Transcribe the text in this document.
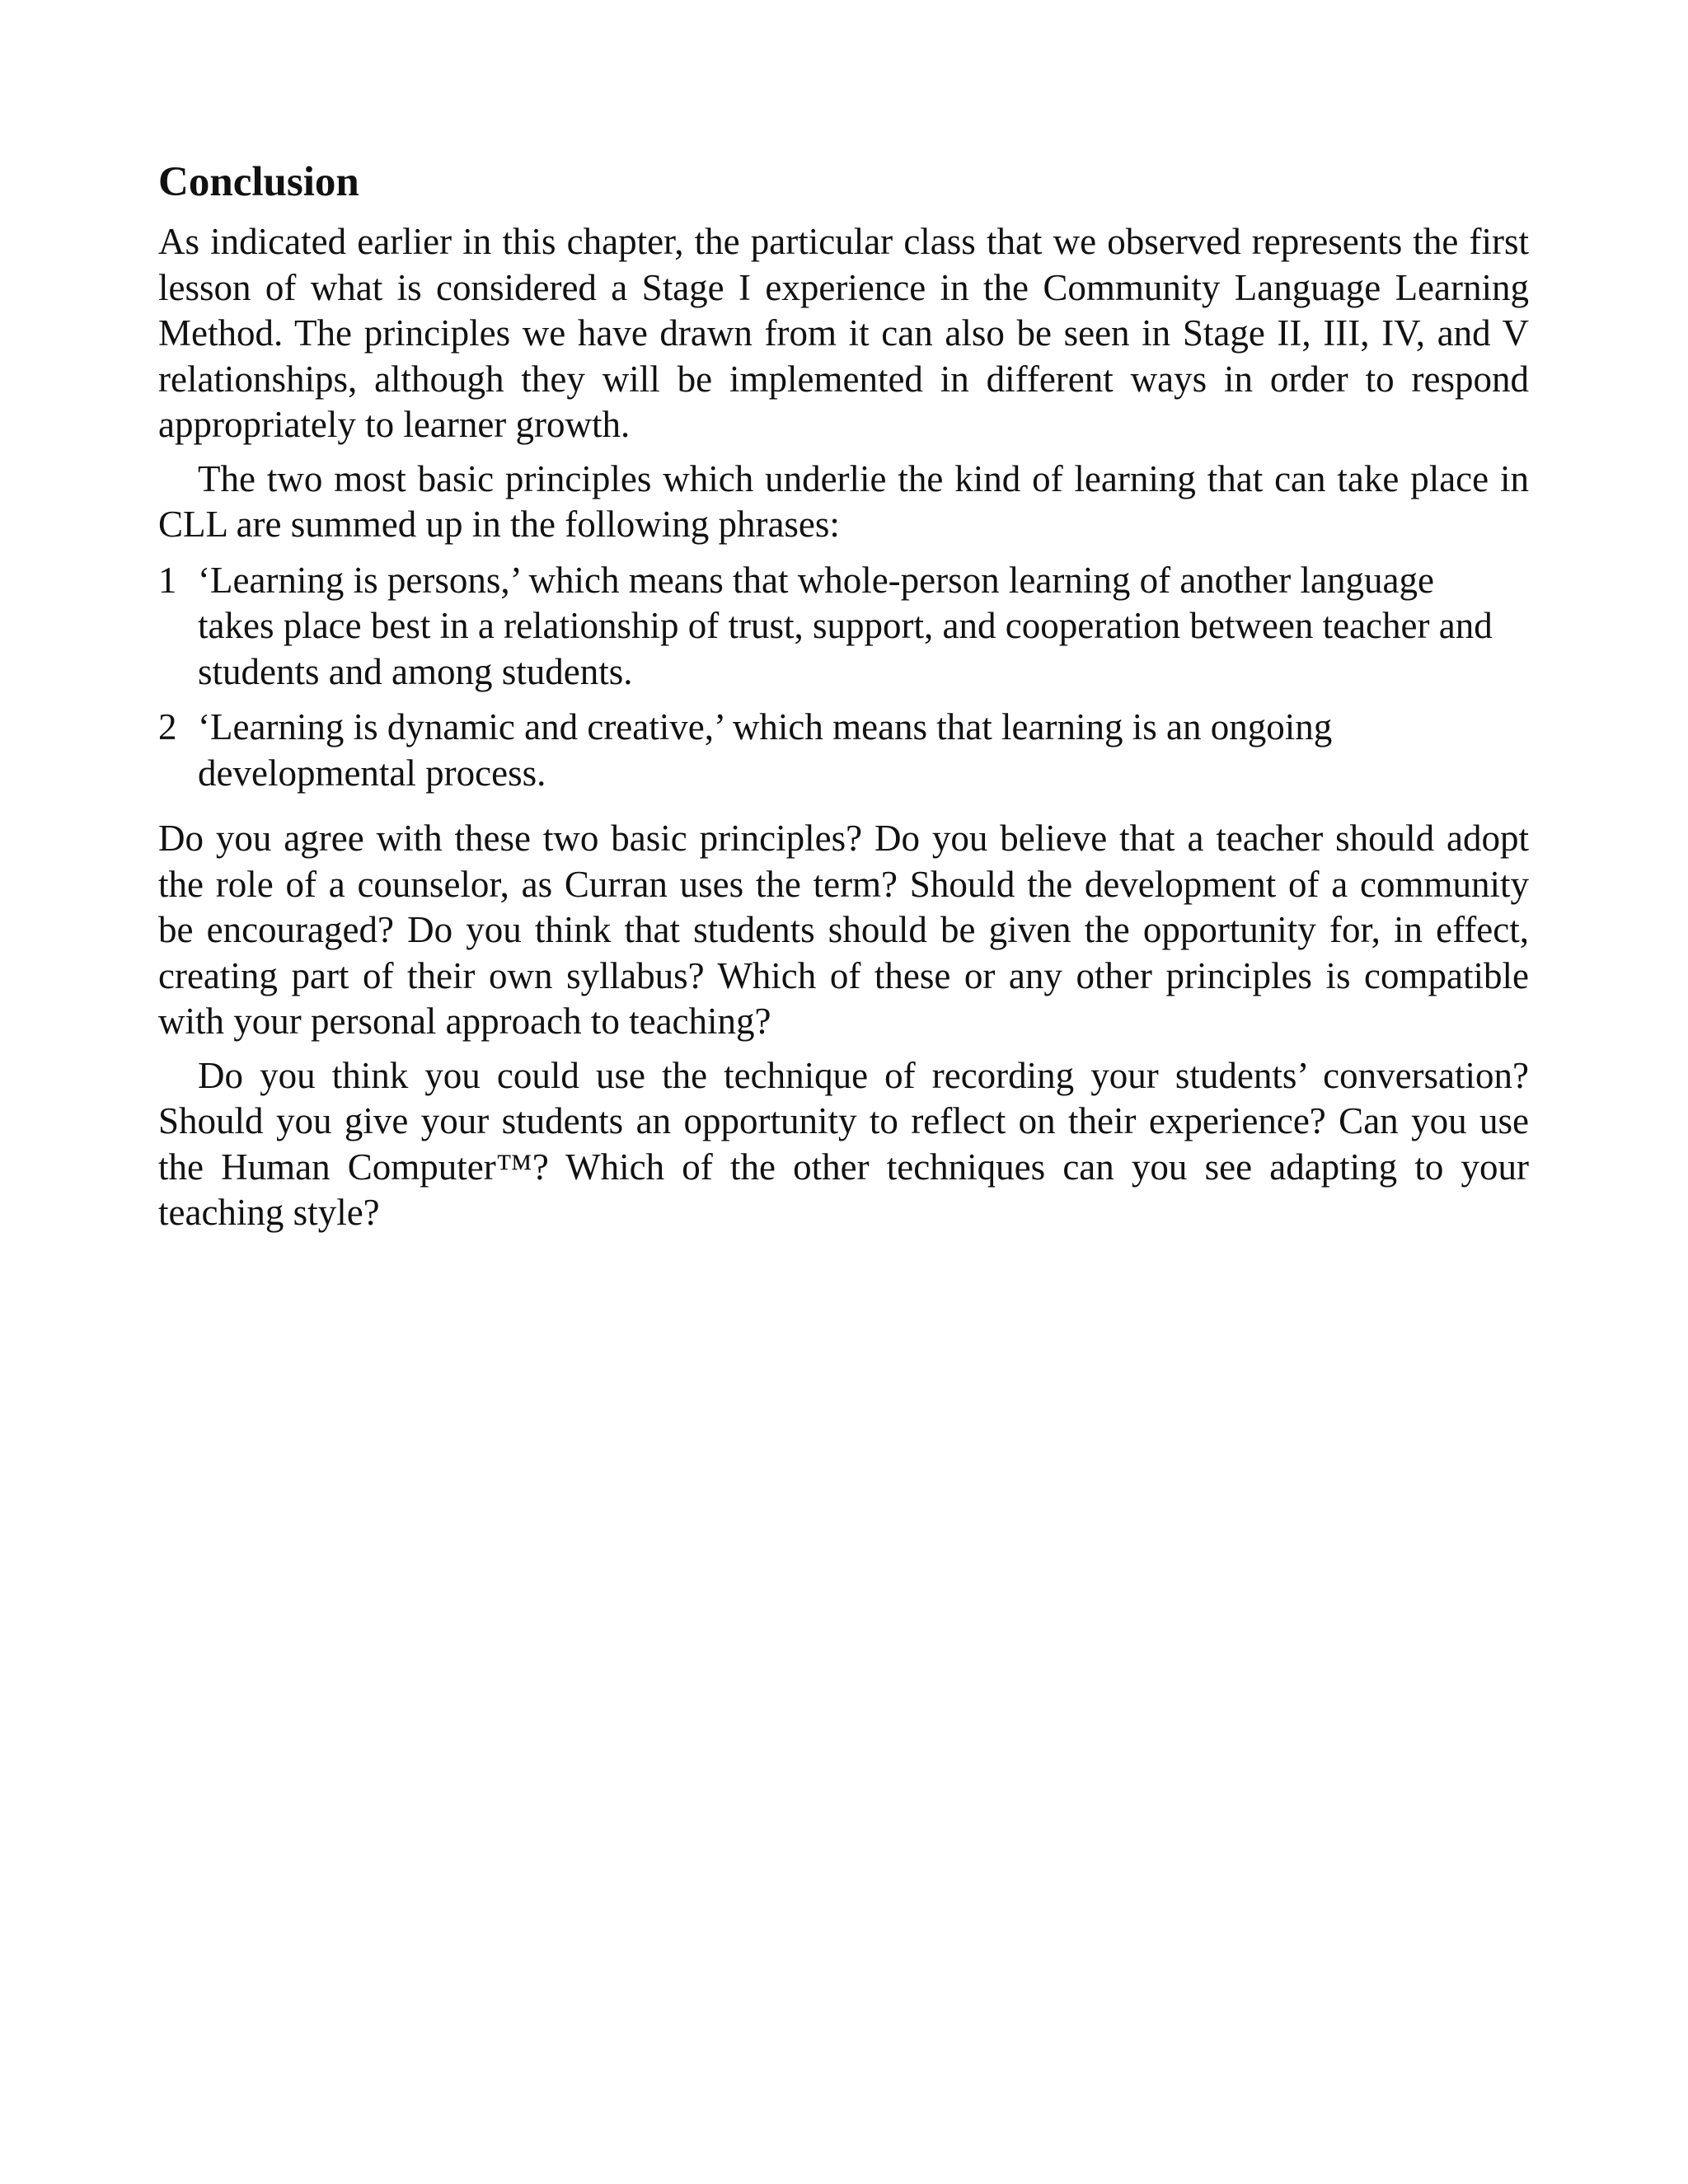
Conclusion

As indicated earlier in this chapter, the particular class that we observed represents the first lesson of what is considered a Stage I experience in the Community Language Learning Method. The principles we have drawn from it can also be seen in Stage II, III, IV, and V relationships, although they will be implemented in different ways in order to respond appropriately to learner growth.

The two most basic principles which underlie the kind of learning that can take place in CLL are summed up in the following phrases:

1 ‘Learning is persons,’ which means that whole-person learning of another language takes place best in a relationship of trust, support, and cooperation between teacher and students and among students.
2 ‘Learning is dynamic and creative,’ which means that learning is an ongoing developmental process.

Do you agree with these two basic principles? Do you believe that a teacher should adopt the role of a counselor, as Curran uses the term? Should the development of a community be encouraged? Do you think that students should be given the opportunity for, in effect, creating part of their own syllabus? Which of these or any other principles is compatible with your personal approach to teaching?

Do you think you could use the technique of recording your students’ conversation? Should you give your students an opportunity to reflect on their experience? Can you use the Human Computer™? Which of the other techniques can you see adapting to your teaching style?
